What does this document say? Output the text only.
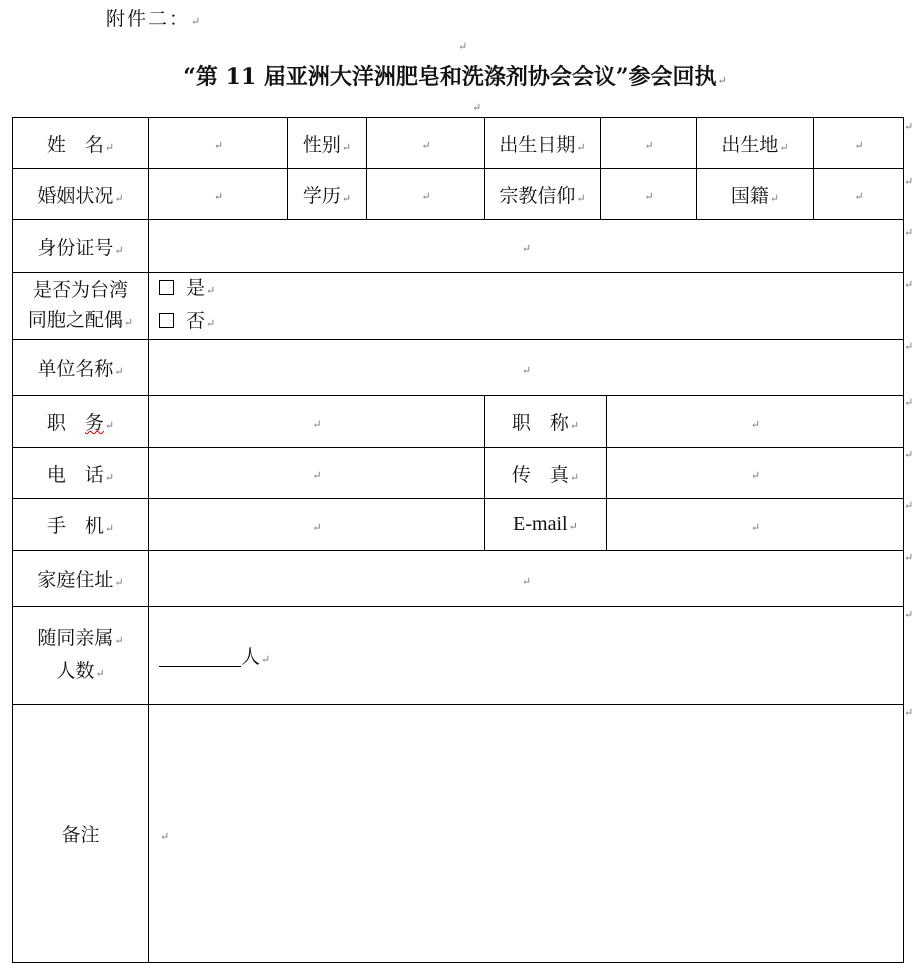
附件二：↵
↵
“第 11 届亚洲大洋洲肥皂和洗涤剂协会会议”参会回执↵
↵
姓　名↵	↵	性别↵	↵	出生日期↵	↵		出生地↵	↵
婚姻状况↵	↵	学历↵	↵	宗教信仰↵	↵		国籍↵	↵
身份证号↵	↵							

是否为台湾
同胞之配偶↵	是↵
否↵							

单位名称↵	↵							
职　务↵	↵			职　称↵		↵		
电　话↵	↵			传　真↵		↵		
手　机↵	↵			E-mail↵		↵		
家庭住址↵	↵							

随同亲属↵
人数↵	人↵							
备注	↵							
↵
↵
↵
↵
↵
↵
↵
↵
↵
↵
↵
